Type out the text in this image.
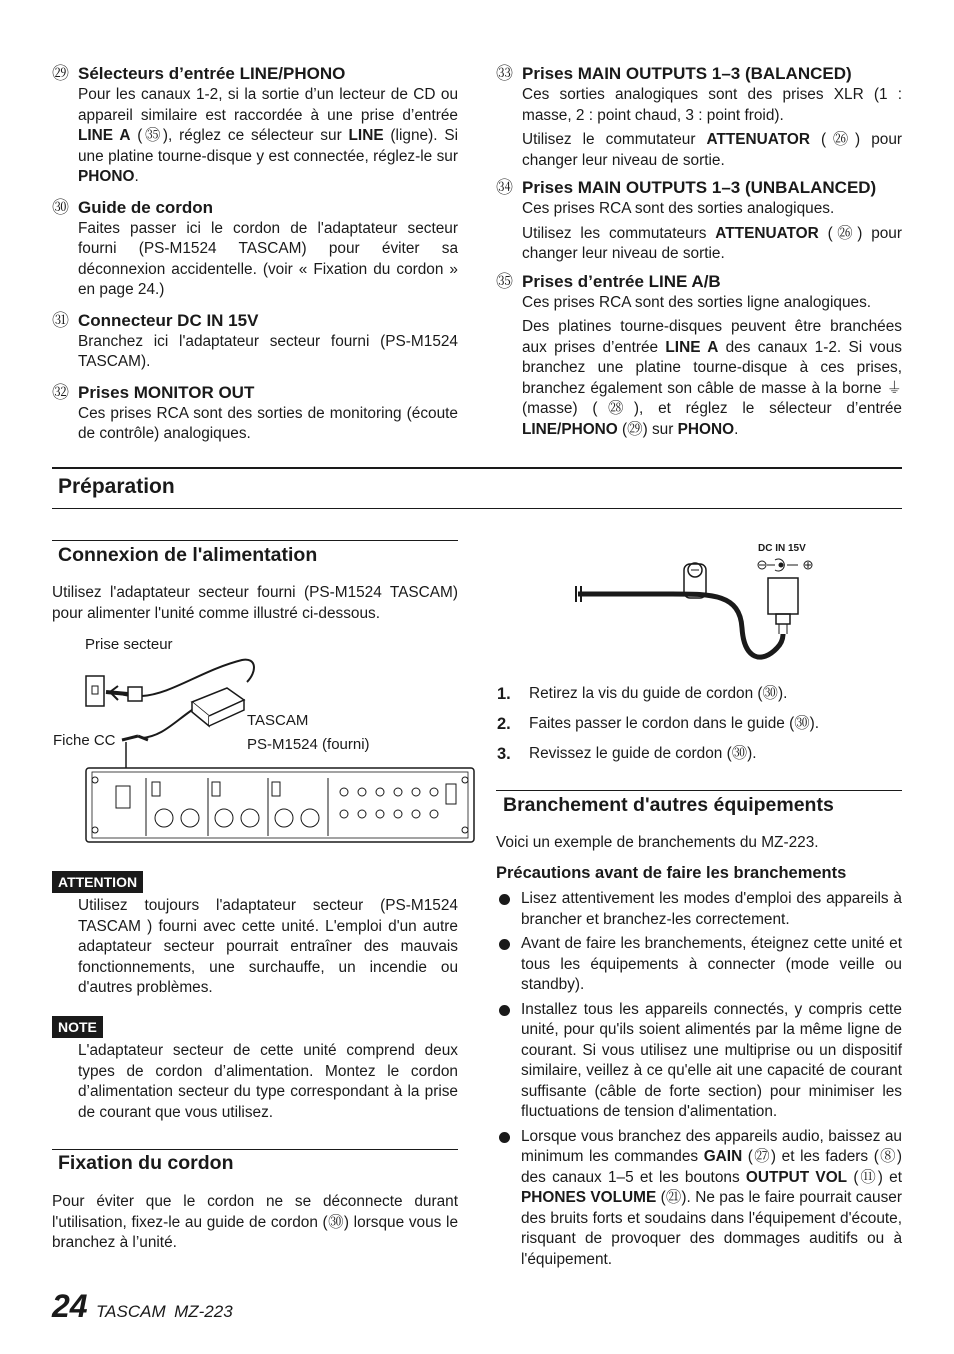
㉙ Sélecteurs d’entrée LINE/PHONO

Pour les canaux 1-2, si la sortie d’un lecteur de CD ou appareil similaire est raccordée à une prise d’entrée LINE A (㉟), réglez ce sélecteur sur LINE (ligne). Si une platine tourne-disque y est connectée, réglez-le sur PHONO.

㉚ Guide de cordon

Faites passer ici le cordon de l'adaptateur secteur fourni (PS-M1524 TASCAM) pour éviter sa déconnexion accidentelle. (voir « Fixation du cordon » en page 24.)

㉛ Connecteur DC IN 15V

Branchez ici l'adaptateur secteur fourni (PS-M1524 TASCAM).

㉜ Prises MONITOR OUT

Ces prises RCA sont des sorties de monitoring (écoute de contrôle) analogiques.

㉝ Prises MAIN OUTPUTS 1–3 (BALANCED)

Ces sorties analogiques sont des prises XLR (1 : masse, 2 : point chaud, 3 : point froid).

Utilisez le commutateur ATTENUATOR (㉖) pour changer leur niveau de sortie.

㉞ Prises MAIN OUTPUTS 1–3 (UNBALANCED)

Ces prises RCA sont des sorties analogiques.

Utilisez les commutateurs ATTENUATOR (㉖) pour changer leur niveau de sortie.

㉟ Prises d’entrée LINE A/B

Ces prises RCA sont des sorties ligne analogiques.

Des platines tourne-disques peuvent être branchées aux prises d’entrée LINE A des canaux 1-2. Si vous branchez une platine tourne-disque à ces prises, branchez également son câble de masse à la borne ⏚ (masse) (㉘), et réglez le sélecteur d’entrée LINE/PHONO (㉙) sur PHONO.

Préparation
Connexion de l'alimentation

Utilisez l'adaptateur secteur fourni (PS-M1524 TASCAM) pour alimenter l'unité comme illustré ci-dessous.

Prise secteur
Fiche CC
TASCAM
PS-M1524 (fourni)
ATTENTION

Utilisez toujours l'adaptateur secteur (PS-M1524 TASCAM ) fourni avec cette unité. L'emploi d'un autre adaptateur secteur pourrait entraîner des mauvais fonctionnements, une surchauffe, un incendie ou d'autres problèmes.

NOTE

L'adaptateur secteur de cette unité comprend deux types de cordon d’alimentation. Montez le cordon d’alimentation secteur du type correspondant à la prise de courant que vous utilisez.

Fixation du cordon

Pour éviter que le cordon ne se déconnecte durant l'utilisation, fixez-le au guide de cordon (㉚) lorsque vous le branchez à l’unité.

DC IN 15V
1. Retirez la vis du guide de cordon (㉚).
2. Faites passer le cordon dans le guide (㉚).
3. Revissez le guide de cordon (㉚).
Branchement d'autres équipements

Voici un exemple de branchements du MZ-223.

Précautions avant de faire les branchements
Lisez attentivement les modes d'emploi des appareils à brancher et branchez-les correctement.
Avant de faire les branchements, éteignez cette unité et tous les équipements à connecter (mode veille ou standby).
Installez tous les appareils connectés, y compris cette unité, pour qu'ils soient alimentés par la même ligne de courant. Si vous utilisez une multiprise ou un dispositif similaire, veillez à ce qu'elle ait une capacité de courant suffisante (câble de forte section) pour minimiser les fluctuations de tension d'alimentation.
Lorsque vous branchez des appareils audio, baissez au minimum les commandes GAIN (㉗) et les faders (⑧) des canaux 1–5 et les boutons OUTPUT VOL (⑪) et PHONES VOLUME (㉑). Ne pas le faire pourrait causer des bruits forts et soudains dans l'équipement d'écoute, risquant de provoquer des dommages auditifs ou à l'équipement.
24 TASCAM MZ-223
